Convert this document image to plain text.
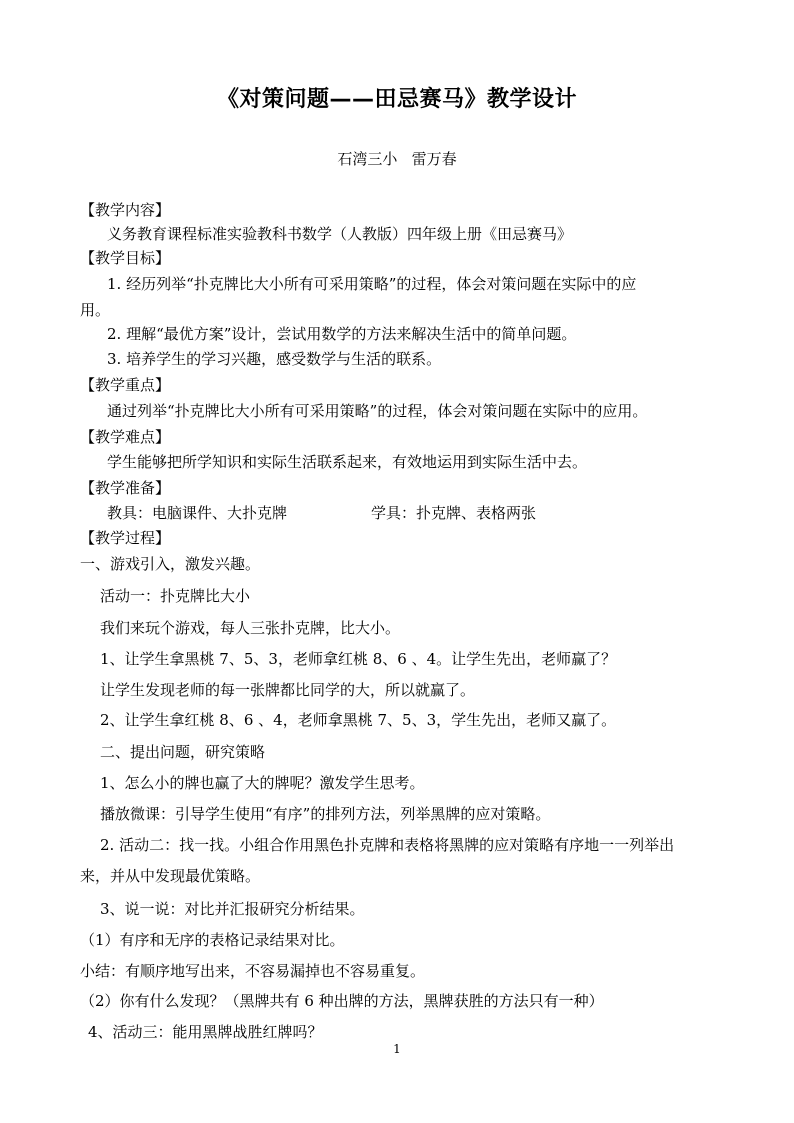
《对策问题——田忌赛马》教学设计
石湾三小   雷万春
【教学内容】
义务教育课程标准实验教科书数学（人教版）四年级上册《田忌赛马》
【教学目标】
1. 经历列举“扑克牌比大小所有可采用策略”的过程，体会对策问题在实际中的应
用。
2. 理解“最优方案”设计，尝试用数学的方法来解决生活中的简单问题。
3. 培养学生的学习兴趣，感受数学与生活的联系。
【教学重点】
通过列举“扑克牌比大小所有可采用策略”的过程，体会对策问题在实际中的应用。
【教学难点】
学生能够把所学知识和实际生活联系起来，有效地运用到实际生活中去。
【教学准备】
教具：电脑课件、大扑克牌	学具：扑克牌、表格两张
【教学过程】
一、游戏引入，激发兴趣。
活动一：扑克牌比大小
我们来玩个游戏，每人三张扑克牌，比大小。
1、让学生拿黑桃 7、5、3，老师拿红桃 8、6 、4。让学生先出，老师赢了？
让学生发现老师的每一张牌都比同学的大，所以就赢了。
2、让学生拿红桃 8、6 、4，老师拿黑桃 7、5、3，学生先出，老师又赢了。
二、提出问题，研究策略
1、怎么小的牌也赢了大的牌呢？激发学生思考。
播放微课：引导学生使用“有序”的排列方法，列举黑牌的应对策略。
2. 活动二：找一找。小组合作用黑色扑克牌和表格将黑牌的应对策略有序地一一列举出
来，并从中发现最优策略。
3、说一说：对比并汇报研究分析结果。
（1）有序和无序的表格记录结果对比。
小结：有顺序地写出来，不容易漏掉也不容易重复。
（2）你有什么发现？（黑牌共有 6 种出牌的方法，黑牌获胜的方法只有一种）
4、活动三：能用黑牌战胜红牌吗？
1
